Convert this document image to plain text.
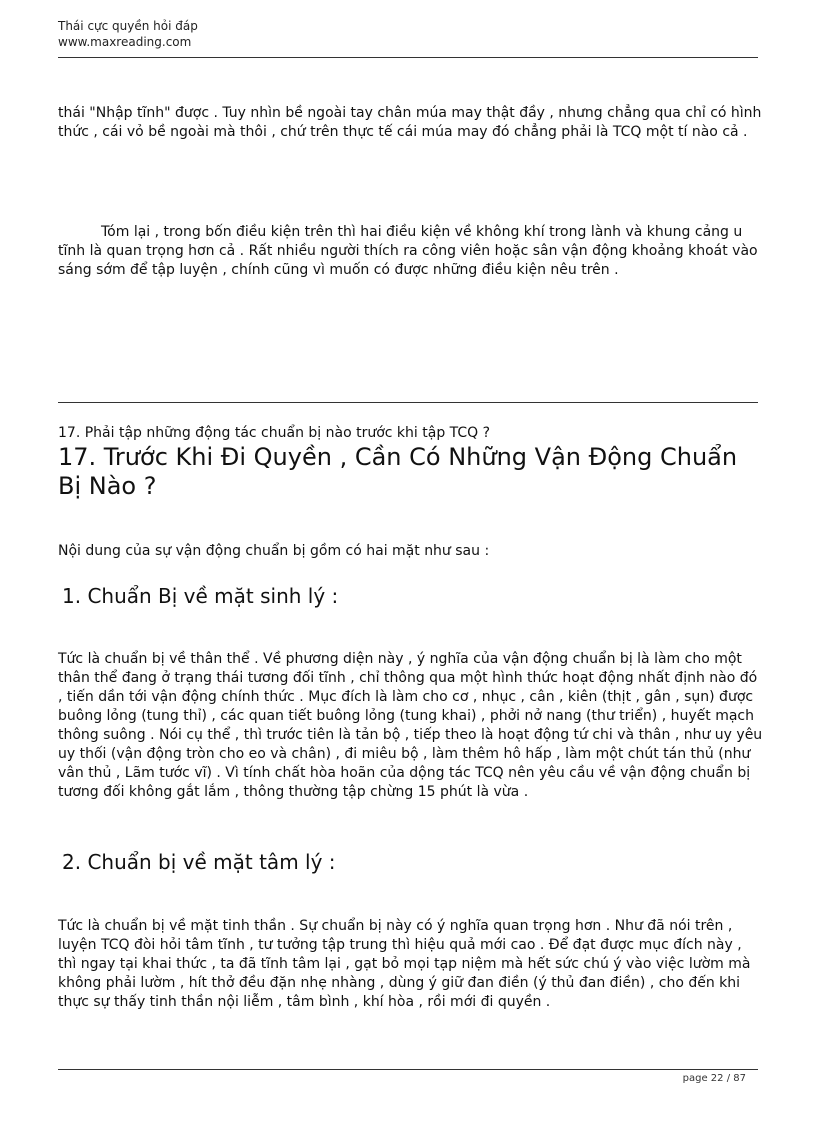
Thái cực quyền hỏi đáp
www.maxreading.com

thái "Nhập tĩnh" được . Tuy nhìn bề ngoài tay chân múa may thật đầy , nhưng chẳng qua chỉ có hình thức , cái vỏ bề ngoài mà thôi , chứ trên thực tế cái múa may đó chẳng phải là TCQ một tí nào cả .

Tóm lại , trong bốn điều kiện trên thì hai điều kiện về không khí trong lành và khung cảng u tĩnh là quan trọng hơn cả . Rất nhiều người thích ra công viên hoặc sân vận động khoảng khoát vào sáng sớm để tập luyện , chính cũng vì muốn có được những điều kiện nêu trên .

17. Phải tập những động tác chuẩn bị nào trước khi tập TCQ ?
17. Trước Khi Đi Quyền , Cần Có Những Vận Động Chuẩn Bị Nào ?

Nội dung của sự vận động chuẩn bị gồm có hai mặt như sau :

1. Chuẩn Bị về mặt sinh lý :

Tức là chuẩn bị về thân thể . Về phương diện này , ý nghĩa của vận động chuẩn bị là làm cho một thân thể đang ở trạng thái tương đối tĩnh , chỉ thông qua một hình thức hoạt động nhất định nào đó , tiến dần tới vận động chính thức . Mục đích là làm cho cơ , nhục , cân , kiên (thịt , gân , sụn) được buông lỏng (tung thỉ) , các quan tiết buông lỏng (tung khai) , phởi nở nang (thư triển) , huyết mạch thông suông . Nói cụ thể , thì trước tiên là tản bộ , tiếp theo là hoạt động tứ chi và thân , như uy yêu uy thối (vận động tròn cho eo và chân) , đi miêu bộ , làm thêm hô hấp , làm một chút tán thủ (như vân thủ , Lãm tước vĩ) . Vì tính chất hòa hoãn của dộng tác TCQ nên yêu cầu về vận động chuẩn bị tương đối không gắt lắm , thông thường tập chừng 15 phút là vừa .

2. Chuẩn bị về mặt tâm lý :

Tức là chuẩn bị về mặt tinh thần . Sự chuẩn bị này có ý nghĩa quan trọng hơn . Như đã nói trên , luyện TCQ đòi hỏi tâm tĩnh , tư tưởng tập trung thì hiệu quả mới cao . Để đạt được mục đích này , thì ngay tại khai thức , ta đã tĩnh tâm lại , gạt bỏ mọi tạp niệm mà hết sức chú ý vào việc lườm mà không phải lườm , hít thở đều đặn nhẹ nhàng , dùng ý giữ đan điền (ý thủ đan điền) , cho đến khi thực sự thấy tinh thần nội liễm , tâm bình , khí hòa , rồi mới đi quyền .

page 22 / 87
